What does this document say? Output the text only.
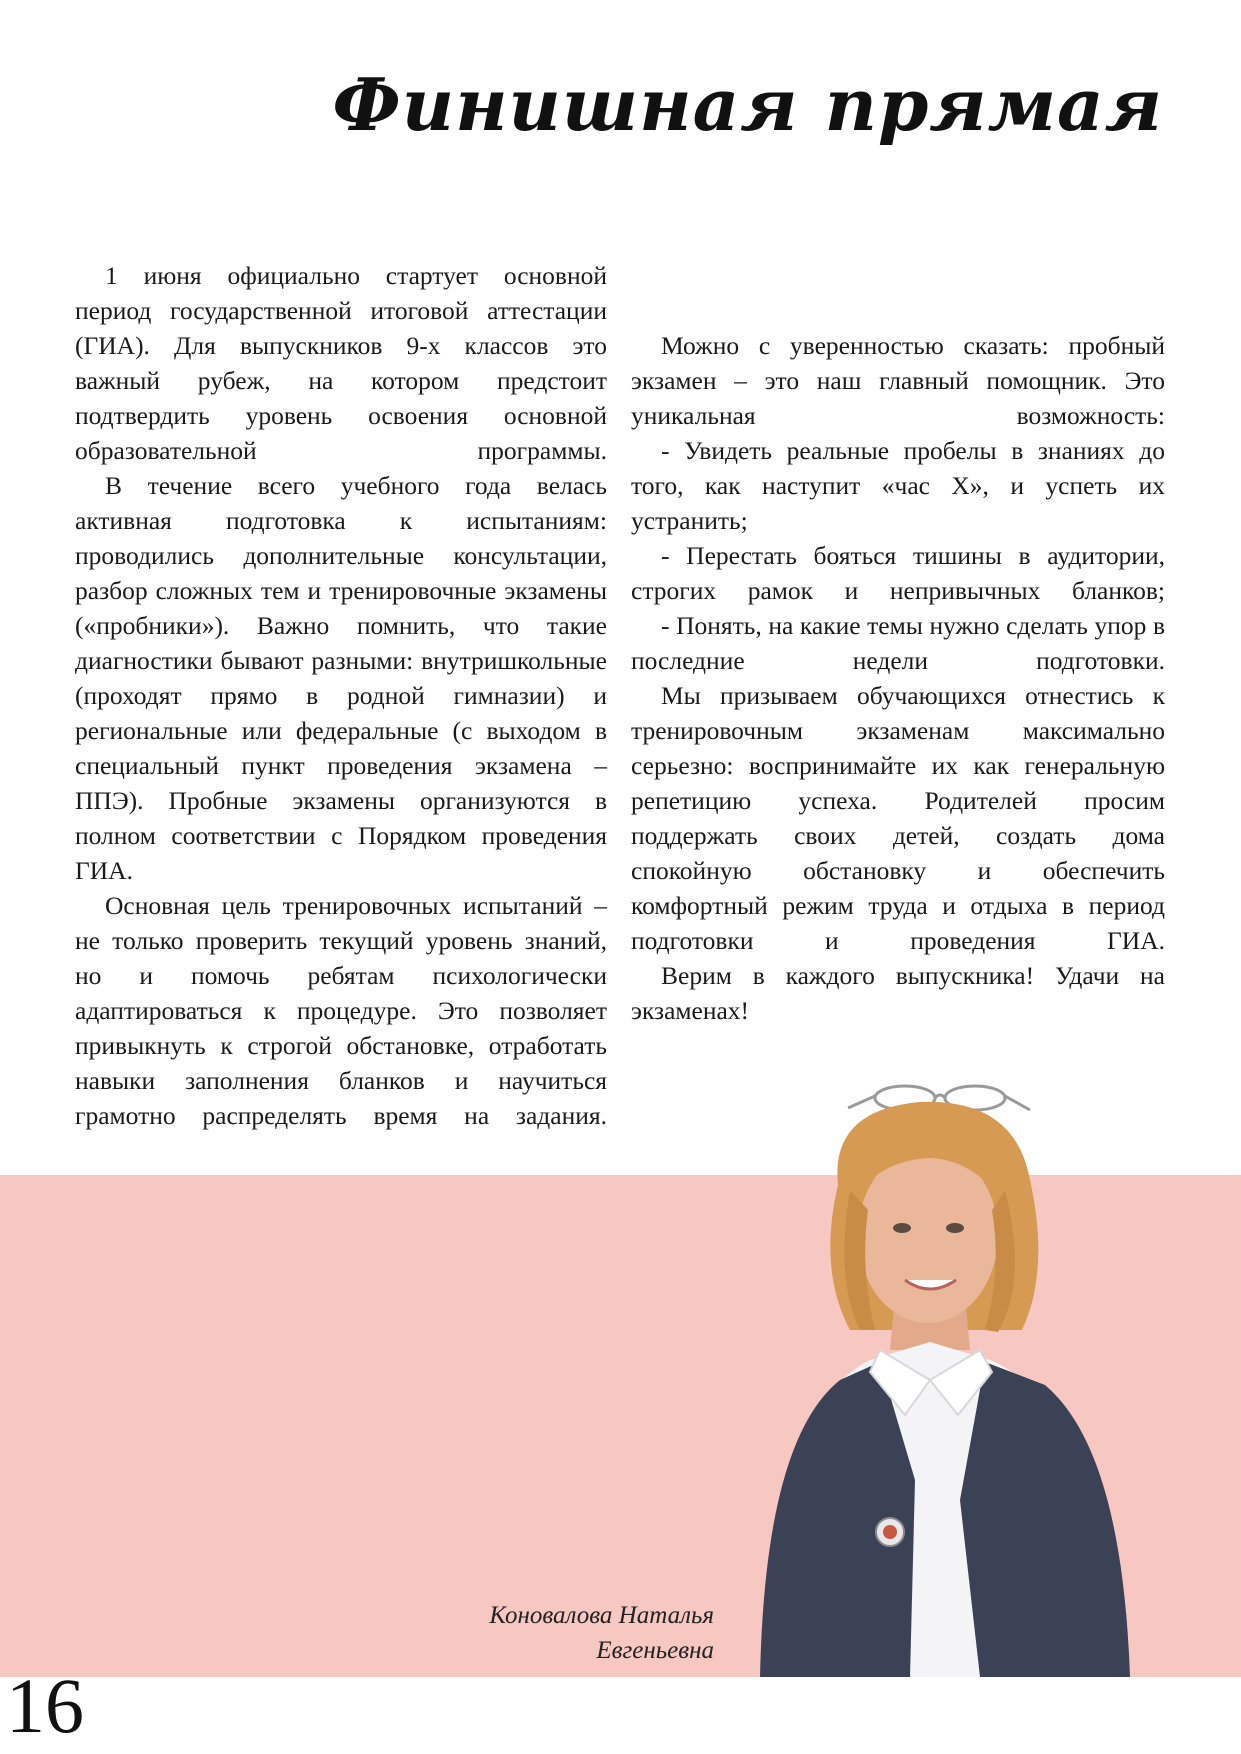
Финишная прямая

1 июня официально стартует основной период государственной итоговой аттестации (ГИА). Для выпускников 9-х классов это важный рубеж, на котором предстоит подтвердить уровень освоения основной образовательной программы.

В течение всего учебного года велась активная подготовка к испытаниям: проводились дополнительные консультации, разбор сложных тем и тренировочные экзамены («пробники»). Важно помнить, что такие диагностики бывают разными: внутришкольные (проходят прямо в родной гимназии) и региональные или федеральные (с выходом в специальный пункт проведения экзамена – ППЭ). Пробные экзамены организуются в полном соответствии с Порядком проведения ГИА.

Основная цель тренировочных испытаний – не только проверить текущий уровень знаний, но и помочь ребятам психологически адаптироваться к процедуре. Это позволяет привыкнуть к строгой обстановке, отработать навыки заполнения бланков и научиться грамотно распределять время на задания.

Можно с уверенностью сказать: пробный экзамен – это наш главный помощник. Это уникальная возможность:

- Увидеть реальные пробелы в знаниях до того, как наступит «час Х», и успеть их устранить;

- Перестать бояться тишины в аудитории, строгих рамок и непривычных бланков;

- Понять, на какие темы нужно сделать упор в последние недели подготовки.

Мы призываем обучающихся отнестись к тренировочным экзаменам максимально серьезно: воспринимайте их как генеральную репетицию успеха. Родителей просим поддержать своих детей, создать дома спокойную обстановку и обеспечить комфортный режим труда и отдыха в период подготовки и проведения ГИА.

Верим в каждого выпускника! Удачи на экзаменах!

Коновалова Наталья
Евгеньевна
16
